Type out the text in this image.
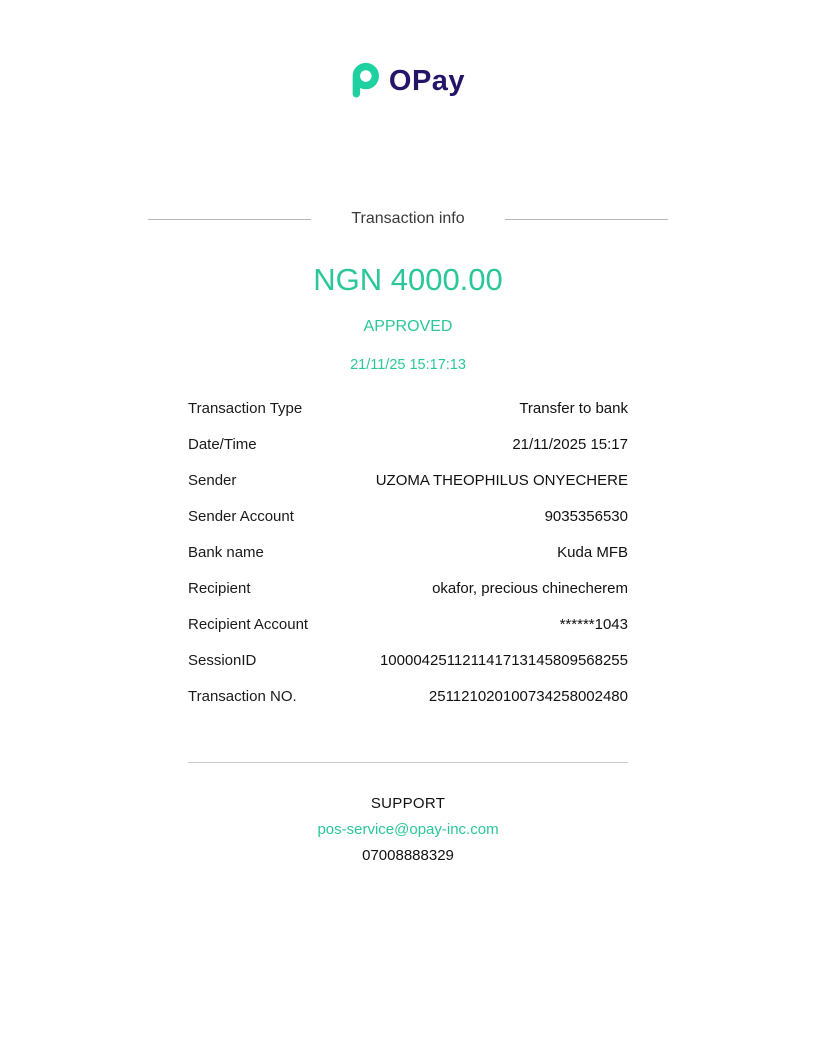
OPay
Transaction info
NGN 4000.00
APPROVED
21/11/25 15:17:13
Transaction Type	Transfer to bank
Date/Time	21/11/2025 15:17
Sender	UZOMA THEOPHILUS ONYECHERE
Sender Account	9035356530
Bank name	Kuda MFB
Recipient	okafor, precious chinecherem
Recipient Account	******1043
SessionID	100004251121141713145809568255
Transaction NO.	251121020100734258002480
SUPPORT
pos-service@opay-inc.com
07008888329
